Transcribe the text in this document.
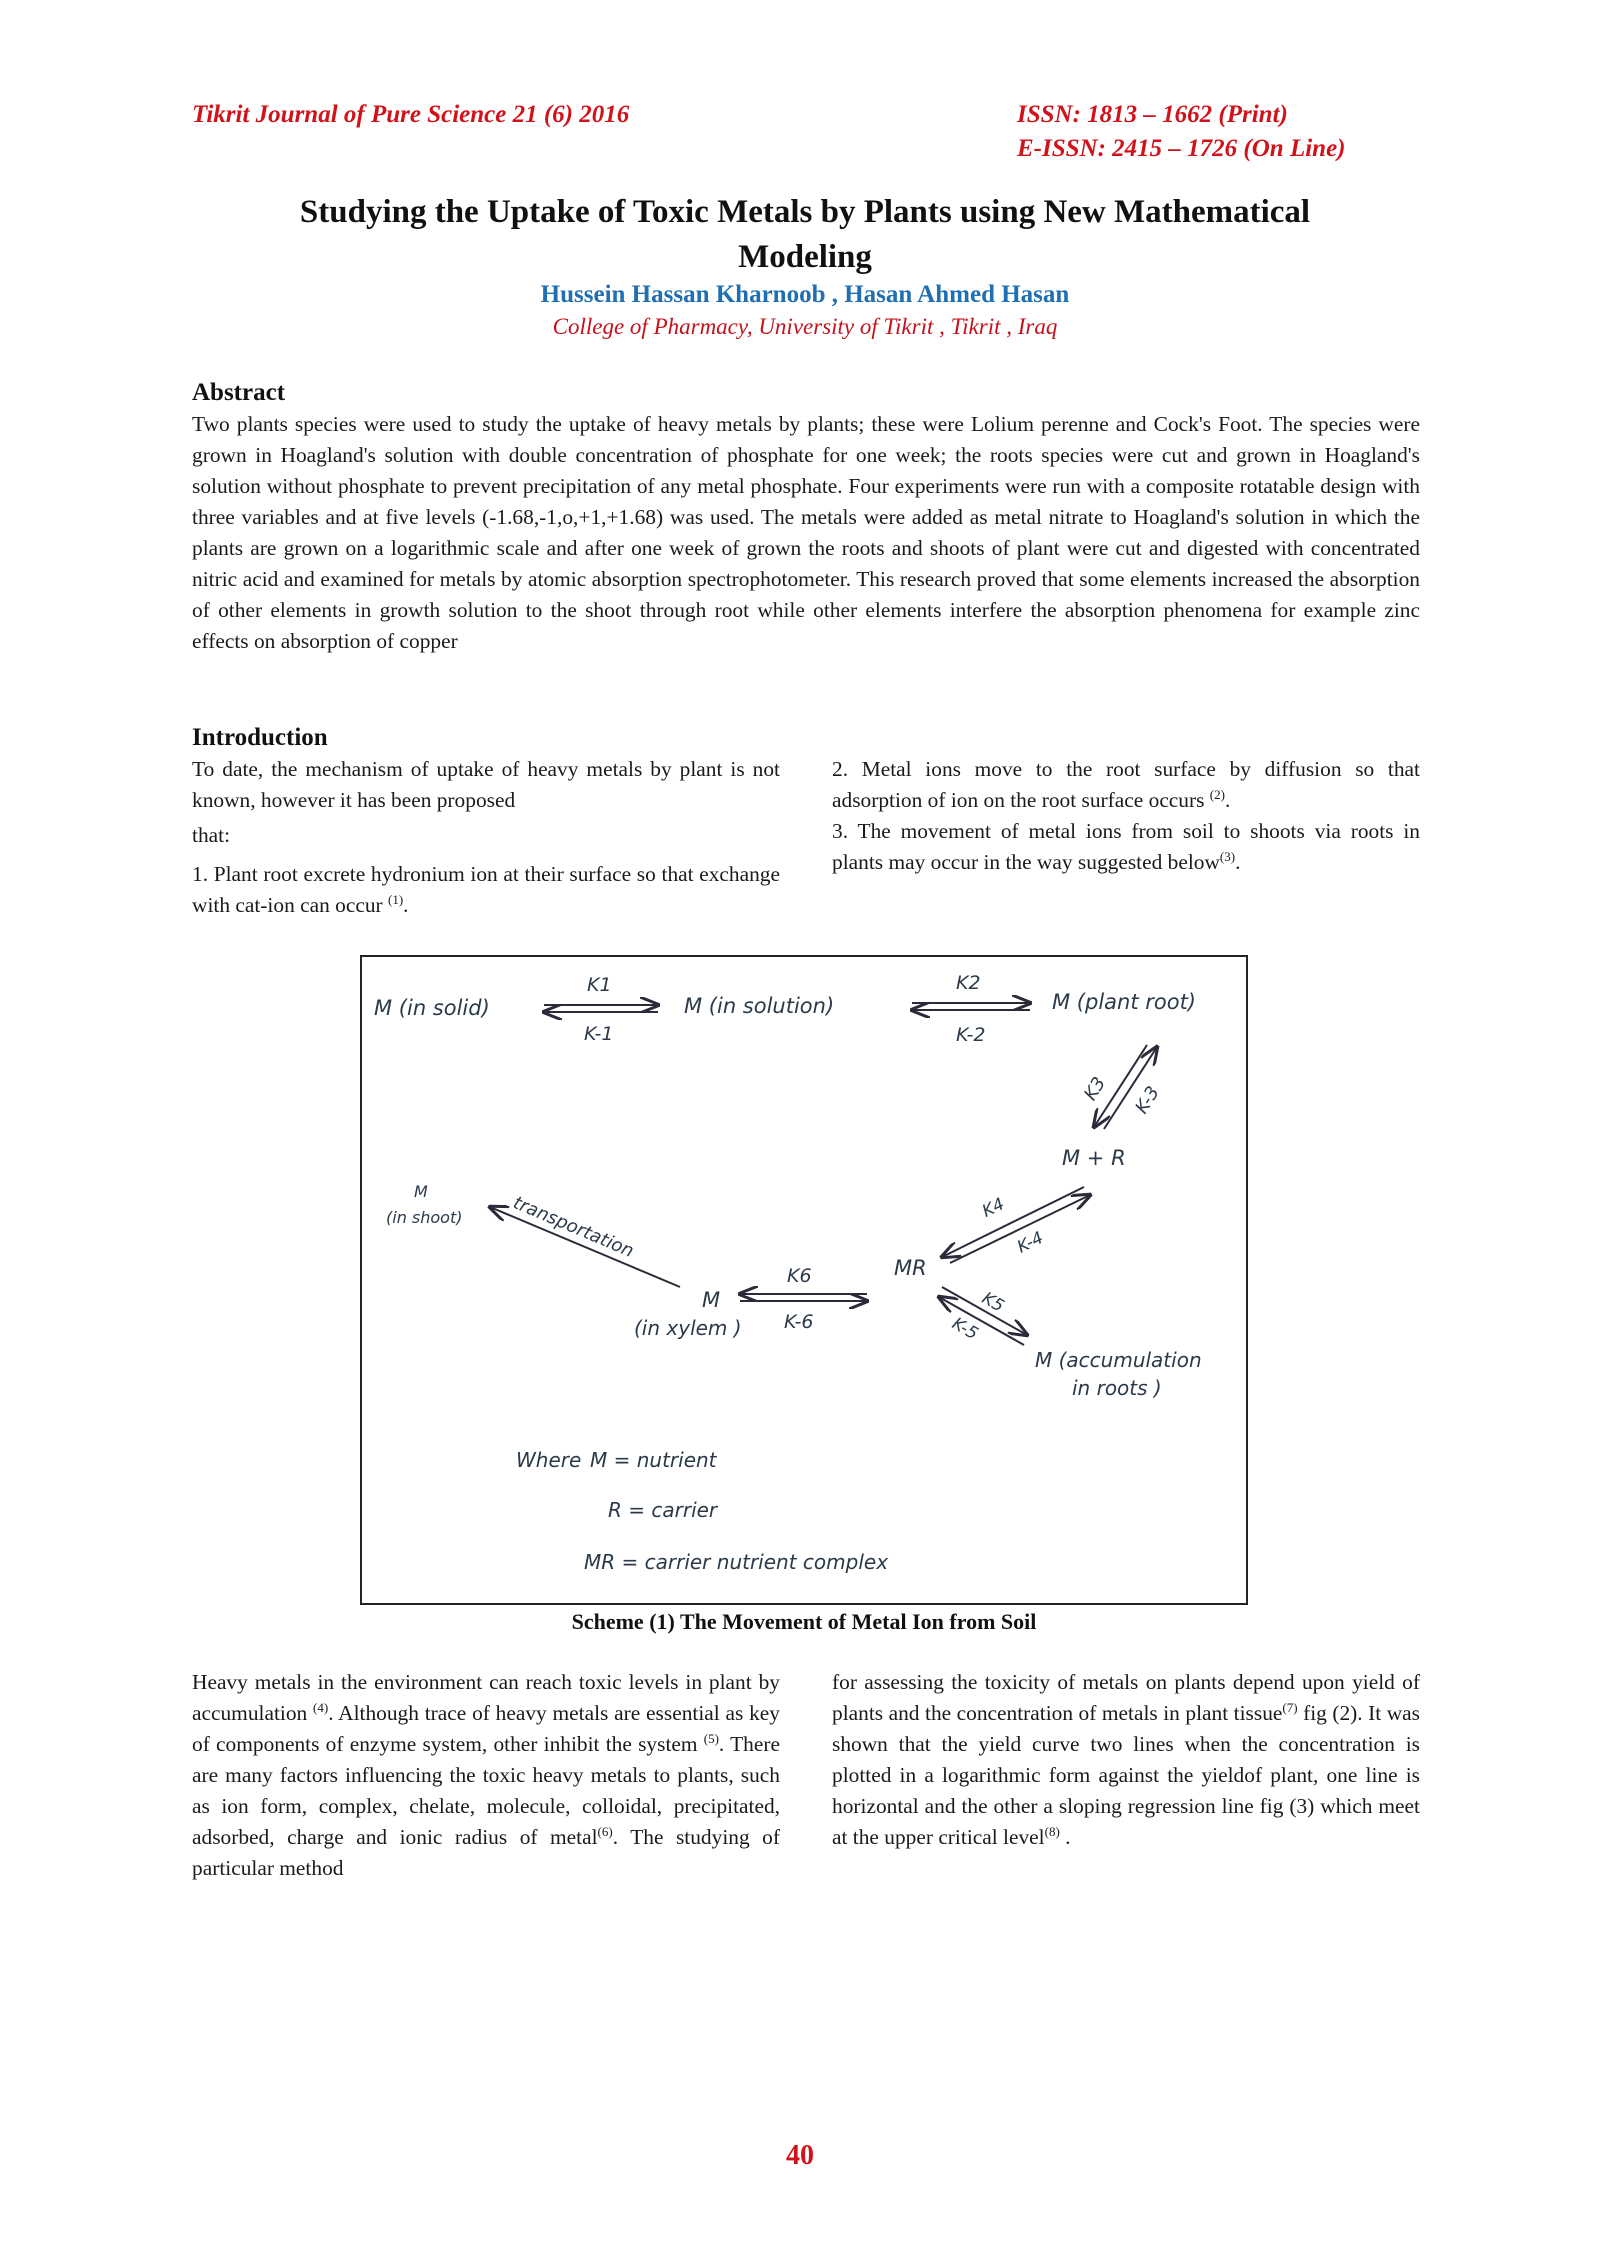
Tikrit Journal of Pure Science 21 (6) 2016	ISSN: 1813 – 1662 (Print)
E-ISSN: 2415 – 1726 (On Line)
Studying the Uptake of Toxic Metals by Plants using New Mathematical
Modeling
Hussein Hassan Kharnoob , Hasan Ahmed Hasan
College of Pharmacy, University of Tikrit , Tikrit , Iraq
Abstract
Two plants species were used to study the uptake of heavy metals by plants; these were Lolium perenne and Cock's Foot. The species were grown in Hoagland's solution with double concentration of phosphate for one week; the roots species were cut and grown in Hoagland's solution without phosphate to prevent precipitation of any metal phosphate. Four experiments were run with a composite rotatable design with three variables and at five levels (-1.68,-1,o,+1,+1.68) was used. The metals were added as metal nitrate to Hoagland's solution in which the plants are grown on a logarithmic scale and after one week of grown the roots and shoots of plant were cut and digested with concentrated nitric acid and examined for metals by atomic absorption spectrophotometer. This research proved that some elements increased the absorption of other elements in growth solution to the shoot through root while other elements interfere the absorption phenomena for example zinc effects on absorption of copper
Introduction
To date, the mechanism of uptake of heavy metals by plant is not known, however it has been proposed
that:
1. Plant root excrete hydronium ion at their surface so that exchange with cat-ion can occur $^{(1)}$.
2. Metal ions move to the root surface by diffusion so that adsorption of ion on the root surface occurs $^{(2)}$.
3. The movement of metal ions from soil to shoots via roots in plants may occur in the way suggested below$^{(3)}$.
M (in solid)
K1
K-1
M (in solution)
K2
K-2
M (plant root)
K3 K-3
M + R
K4
K-4
MR
K5
K-5
M (accumulation
in roots )
K6
K-6
M
(in xylem )
transportation
M
(in shoot)
Where M = nutrient
R = carrier
MR = carrier nutrient complex
Scheme (1) The Movement of Metal Ion from Soil
Heavy metals in the environment can reach toxic levels in plant by accumulation $^{(4)}$. Although trace of heavy metals are essential as key of components of enzyme system, other inhibit the system $^{(5)}$. There are many factors influencing the toxic heavy metals to plants, such as ion form, complex, chelate, molecule, colloidal, precipitated, adsorbed, charge and ionic radius of metal$^{(6)}$. The studying of particular method
for assessing the toxicity of metals on plants depend upon yield of plants and the concentration of metals in plant tissue$^{(7)}$ fig (2). It was shown that the yield curve two lines when the concentration is plotted in a logarithmic form against the yieldof plant, one line is horizontal and the other a sloping regression line fig (3) which meet at the upper critical level$^{(8)}$ .
40
